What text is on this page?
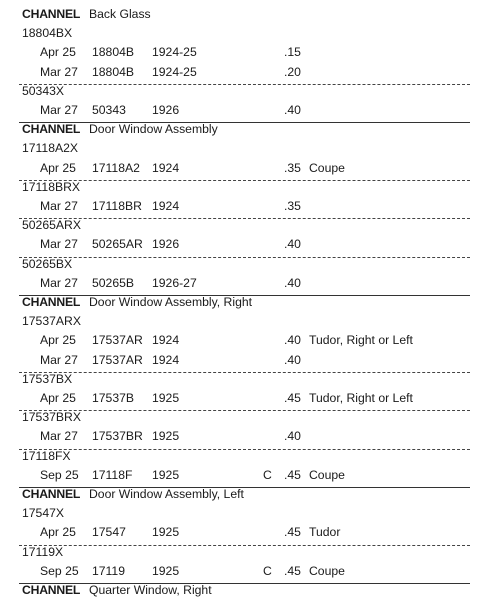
CHANNEL Back Glass
18804BX
Apr 25 18804B 1924-25	.15
Mar 27 18804B 1924-25	.20
50343X
Mar 27 50343 1926	.40
CHANNEL Door Window Assembly
17118A2X
Apr 25 17118A2 1924	.35 Coupe
17118BRX
Mar 27 17118BR 1924	.35
50265ARX
Mar 27 50265AR 1926	.40
50265BX
Mar 27 50265B 1926-27	.40
CHANNEL Door Window Assembly, Right
17537ARX
Apr 25 17537AR 1924	.40 Tudor, Right or Left
Mar 27 17537AR 1924	.40
17537BX
Apr 25 17537B 1925	.45 Tudor, Right or Left
17537BRX
Mar 27 17537BR 1925	.40
17118FX
Sep 25 17118F 1925	C .45 Coupe
CHANNEL Door Window Assembly, Left
17547X
Apr 25 17547 1925	.45 Tudor
17119X
Sep 25 17119 1925	C .45 Coupe
CHANNEL Quarter Window, Right
